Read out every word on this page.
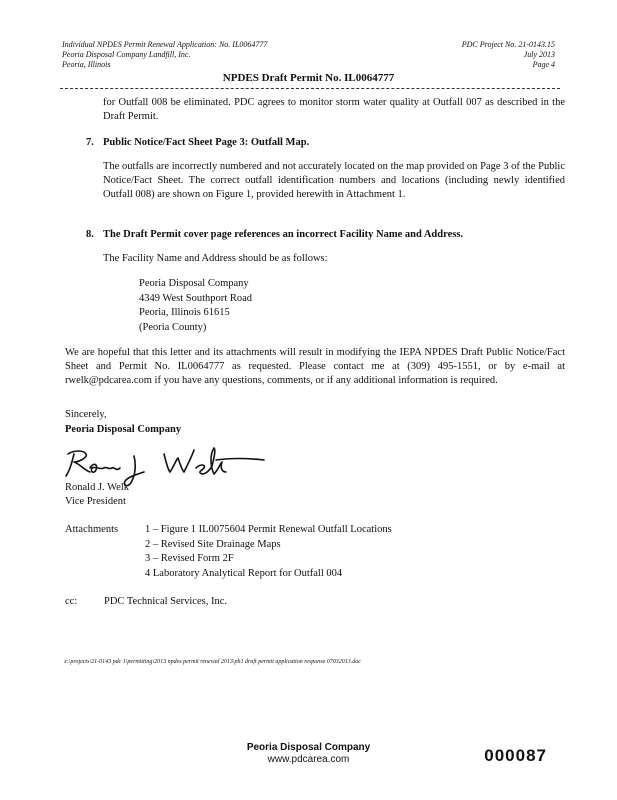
Individual NPDES Permit Renewal Application: No. IL0064777
Peoria Disposal Company Landfill, Inc.
Peoria, Illinois
PDC Project No. 21-0143.15
July 2013
Page 4
NPDES Draft Permit No. IL0064777
for Outfall 008 be eliminated. PDC agrees to monitor storm water quality at Outfall 007 as described in the Draft Permit.
7. Public Notice/Fact Sheet Page 3: Outfall Map.
The outfalls are incorrectly numbered and not accurately located on the map provided on Page 3 of the Public Notice/Fact Sheet. The correct outfall identification numbers and locations (including newly identified Outfall 008) are shown on Figure 1, provided herewith in Attachment 1.
8. The Draft Permit cover page references an incorrect Facility Name and Address.
The Facility Name and Address should be as follows:
Peoria Disposal Company
4349 West Southport Road
Peoria, Illinois 61615
(Peoria County)
We are hopeful that this letter and its attachments will result in modifying the IEPA NPDES Draft Public Notice/Fact Sheet and Permit No. IL0064777 as requested. Please contact me at (309) 495-1551, or by e-mail at rwelk@pdcarea.com if you have any questions, comments, or if any additional information is required.
Sincerely,
Peoria Disposal Company
Ronald J. Welk
Vice President
Attachments	1 – Figure 1 IL0075604 Permit Renewal Outfall Locations
2 – Revised Site Drainage Maps
3 – Revised Form 2F
4 Laboratory Analytical Report for Outfall 004
cc:	PDC Technical Services, Inc.
x:\projects\21-0143 pdc 1\permitting\2013 npdes permit renewal 2013\ph1 draft permit application response 07032013.doc
Peoria Disposal Company
www.pdcarea.com	000087
